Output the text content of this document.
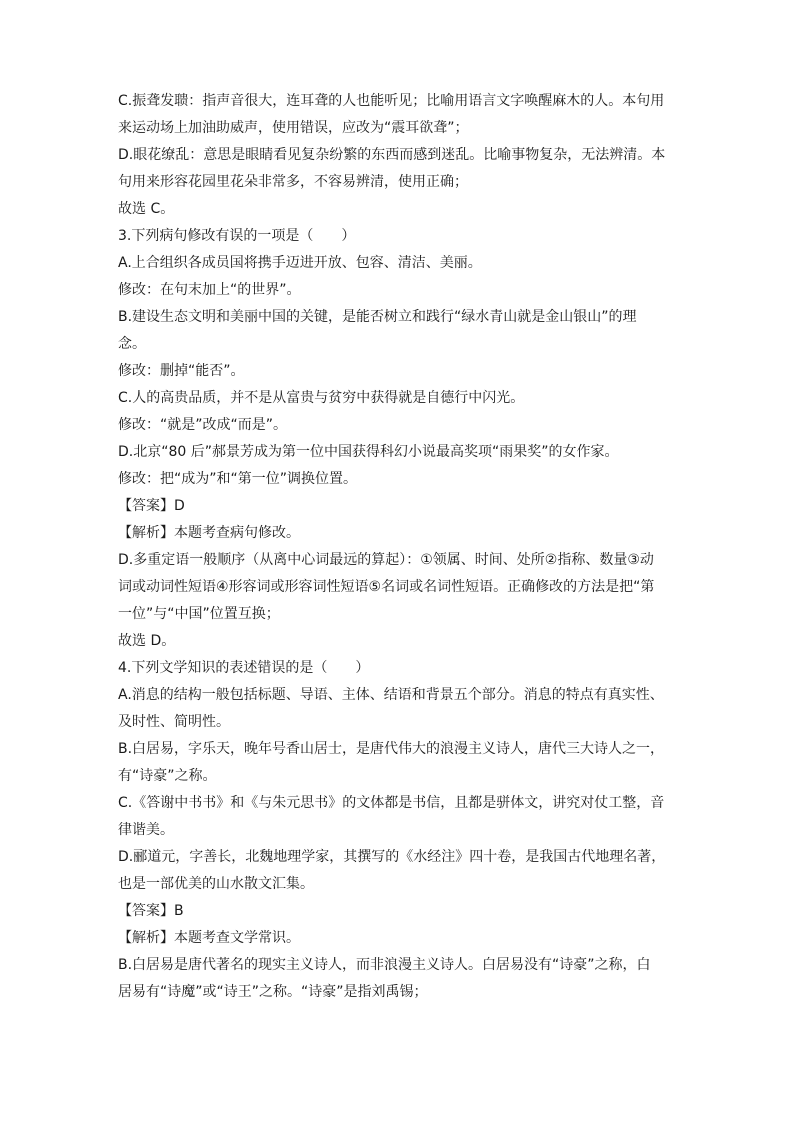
C.振聋发聩：指声音很大，连耳聋的人也能听见；比喻用语言文字唤醒麻木的人。本句用
来运动场上加油助威声，使用错误，应改为“震耳欲聋”；
D.眼花缭乱：意思是眼睛看见复杂纷繁的东西而感到迷乱。比喻事物复杂，无法辨清。本
句用来形容花园里花朵非常多，不容易辨清，使用正确；
故选 C。
3.下列病句修改有误的一项是（　　）
A.上合组织各成员国将携手迈进开放、包容、清洁、美丽。
修改：在句末加上“的世界”。
B.建设生态文明和美丽中国的关键，是能否树立和践行“绿水青山就是金山银山”的理
念。
修改：删掉“能否”。
C.人的高贵品质，并不是从富贵与贫穷中获得就是自德行中闪光。
修改：“就是”改成“而是”。
D.北京“80 后”郝景芳成为第一位中国获得科幻小说最高奖项“雨果奖”的女作家。
修改：把“成为”和“第一位”调换位置。
【答案】D
【解析】本题考查病句修改。
D.多重定语一般顺序（从离中心词最远的算起）：①领属、时间、处所②指称、数量③动
词或动词性短语④形容词或形容词性短语⑤名词或名词性短语。正确修改的方法是把“第
一位”与“中国”位置互换；
故选 D。
4.下列文学知识的表述错误的是（　　）
A.消息的结构一般包括标题、导语、主体、结语和背景五个部分。消息的特点有真实性、
及时性、简明性。
B.白居易，字乐天，晚年号香山居士，是唐代伟大的浪漫主义诗人，唐代三大诗人之一，
有“诗豪”之称。
C.《答谢中书书》和《与朱元思书》的文体都是书信，且都是骈体文，讲究对仗工整，音
律谐美。
D.郦道元，字善长，北魏地理学家，其撰写的《水经注》四十卷，是我国古代地理名著，
也是一部优美的山水散文汇集。
【答案】B
【解析】本题考查文学常识。
B.白居易是唐代著名的现实主义诗人，而非浪漫主义诗人。白居易没有“诗豪”之称，白
居易有“诗魔”或“诗王”之称。“诗豪”是指刘禹锡；
